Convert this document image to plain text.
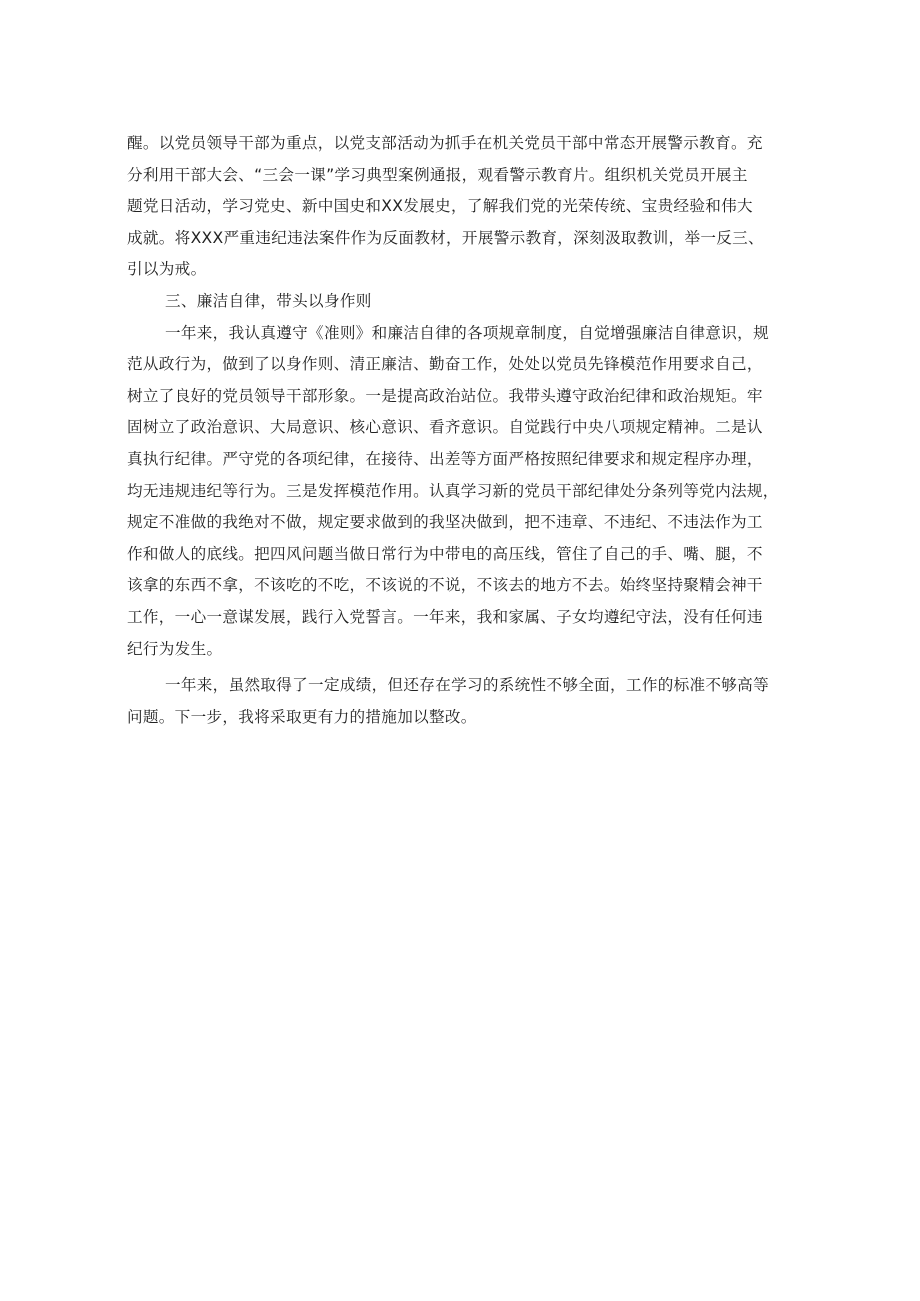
醒。以党员领导干部为重点，以党支部活动为抓手在机关党员干部中常态开展警示教育。充
分利用干部大会、“三会一课”学习典型案例通报，观看警示教育片。组织机关党员开展主
题党日活动，学习党史、新中国史和XX发展史，了解我们党的光荣传统、宝贵经验和伟大
成就。将XXX严重违纪违法案件作为反面教材，开展警示教育，深刻汲取教训，举一反三、
引以为戒。

三、廉洁自律，带头以身作则

一年来，我认真遵守《准则》和廉洁自律的各项规章制度，自觉增强廉洁自律意识，规
范从政行为，做到了以身作则、清正廉洁、勤奋工作，处处以党员先锋模范作用要求自己，
树立了良好的党员领导干部形象。一是提高政治站位。我带头遵守政治纪律和政治规矩。牢
固树立了政治意识、大局意识、核心意识、看齐意识。自觉践行中央八项规定精神。二是认
真执行纪律。严守党的各项纪律，在接待、出差等方面严格按照纪律要求和规定程序办理，
均无违规违纪等行为。三是发挥模范作用。认真学习新的党员干部纪律处分条列等党内法规，
规定不准做的我绝对不做，规定要求做到的我坚决做到，把不违章、不违纪、不违法作为工
作和做人的底线。把四风问题当做日常行为中带电的高压线，管住了自己的手、嘴、腿，不
该拿的东西不拿，不该吃的不吃，不该说的不说，不该去的地方不去。始终坚持聚精会神干
工作，一心一意谋发展，践行入党誓言。一年来，我和家属、子女均遵纪守法，没有任何违
纪行为发生。

一年来，虽然取得了一定成绩，但还存在学习的系统性不够全面，工作的标准不够高等
问题。下一步，我将采取更有力的措施加以整改。
